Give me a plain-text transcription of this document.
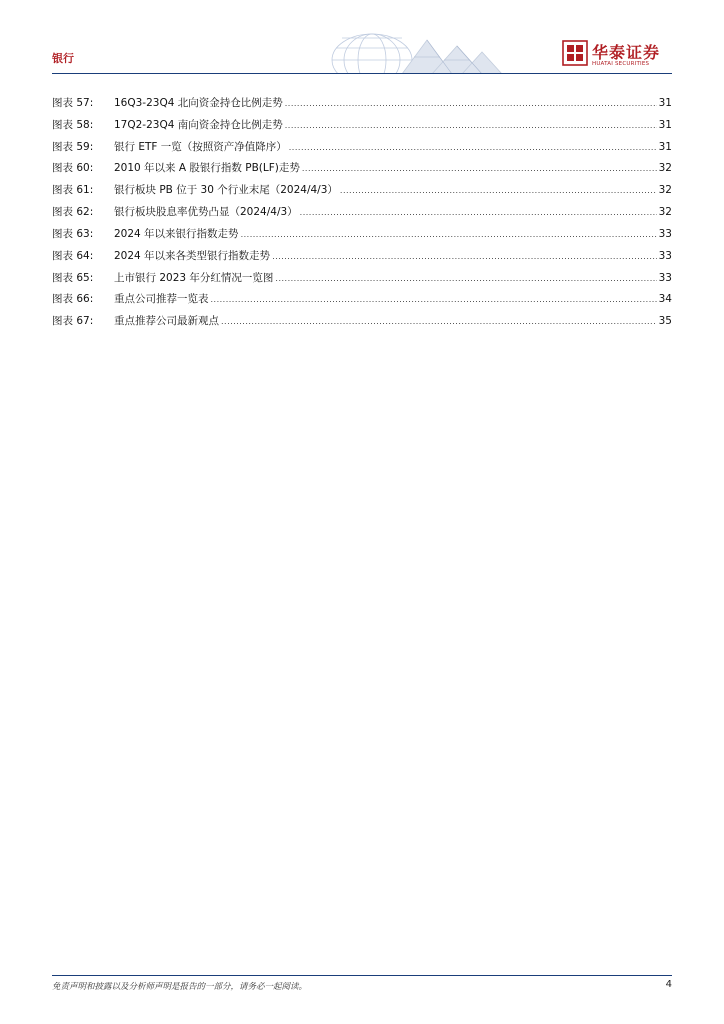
银行	华泰证券
HUATAI SECURITIES
图表 57:	16Q3-23Q4 北向资金持仓比例走势 .....	31
图表 58:	17Q2-23Q4 南向资金持仓比例走势 .....	31
图表 59:	银行 ETF 一览（按照资产净值降序） .....	31
图表 60:	2010 年以来 A 股银行指数 PB(LF)走势 .....	32
图表 61:	银行板块 PB 位于 30 个行业末尾（2024/4/3） .....	32
图表 62:	银行板块股息率优势凸显（2024/4/3） .....	32
图表 63:	2024 年以来银行指数走势 .....	33
图表 64:	2024 年以来各类型银行指数走势 .....	33
图表 65:	上市银行 2023 年分红情况一览图 .....	33
图表 66:	重点公司推荐一览表 .....	34
图表 67:	重点推荐公司最新观点 .....	35
免责声明和披露以及分析师声明是报告的一部分，请务必一起阅读。	4
